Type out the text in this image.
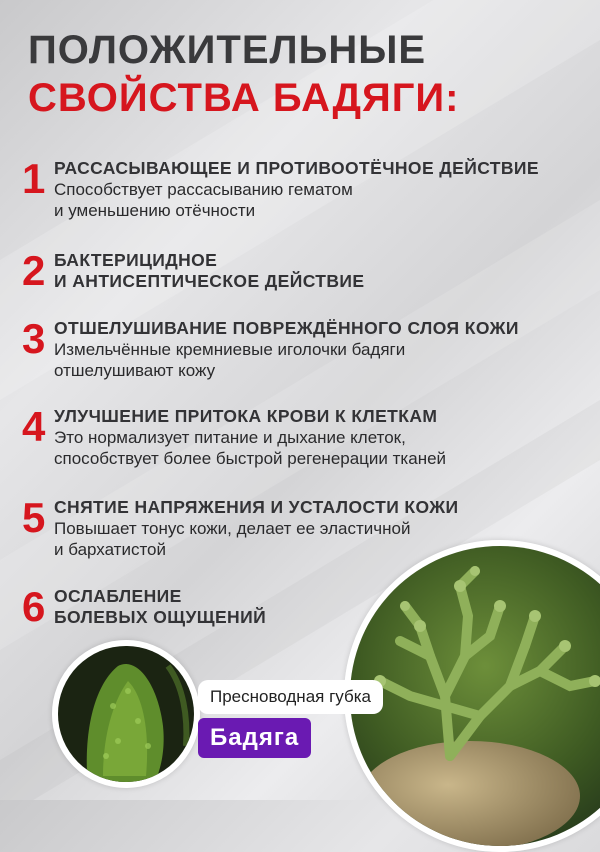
ПОЛОЖИТЕЛЬНЫЕ
СВОЙСТВА БАДЯГИ:
1 РАССАСЫВАЮЩЕЕ И ПРОТИВООТЁЧНОЕ ДЕЙСТВИЕ
Способствует рассасыванию гематом
и уменьшению отёчности
2 БАКТЕРИЦИДНОЕ
И АНТИСЕПТИЧЕСКОЕ ДЕЙСТВИЕ
3 ОТШЕЛУШИВАНИЕ ПОВРЕЖДЁННОГО СЛОЯ КОЖИ
Измельчённые кремниевые иголочки бадяги
отшелушивают кожу
4 УЛУЧШЕНИЕ ПРИТОКА КРОВИ К КЛЕТКАМ
Это нормализует питание и дыхание клеток,
способствует более быстрой регенерации тканей
5 СНЯТИЕ НАПРЯЖЕНИЯ И УСТАЛОСТИ КОЖИ
Повышает тонус кожи, делает ее эластичной
и бархатистой
6 ОСЛАБЛЕНИЕ
БОЛЕВЫХ ОЩУЩЕНИЙ
Пресноводная губка
Бадяга
